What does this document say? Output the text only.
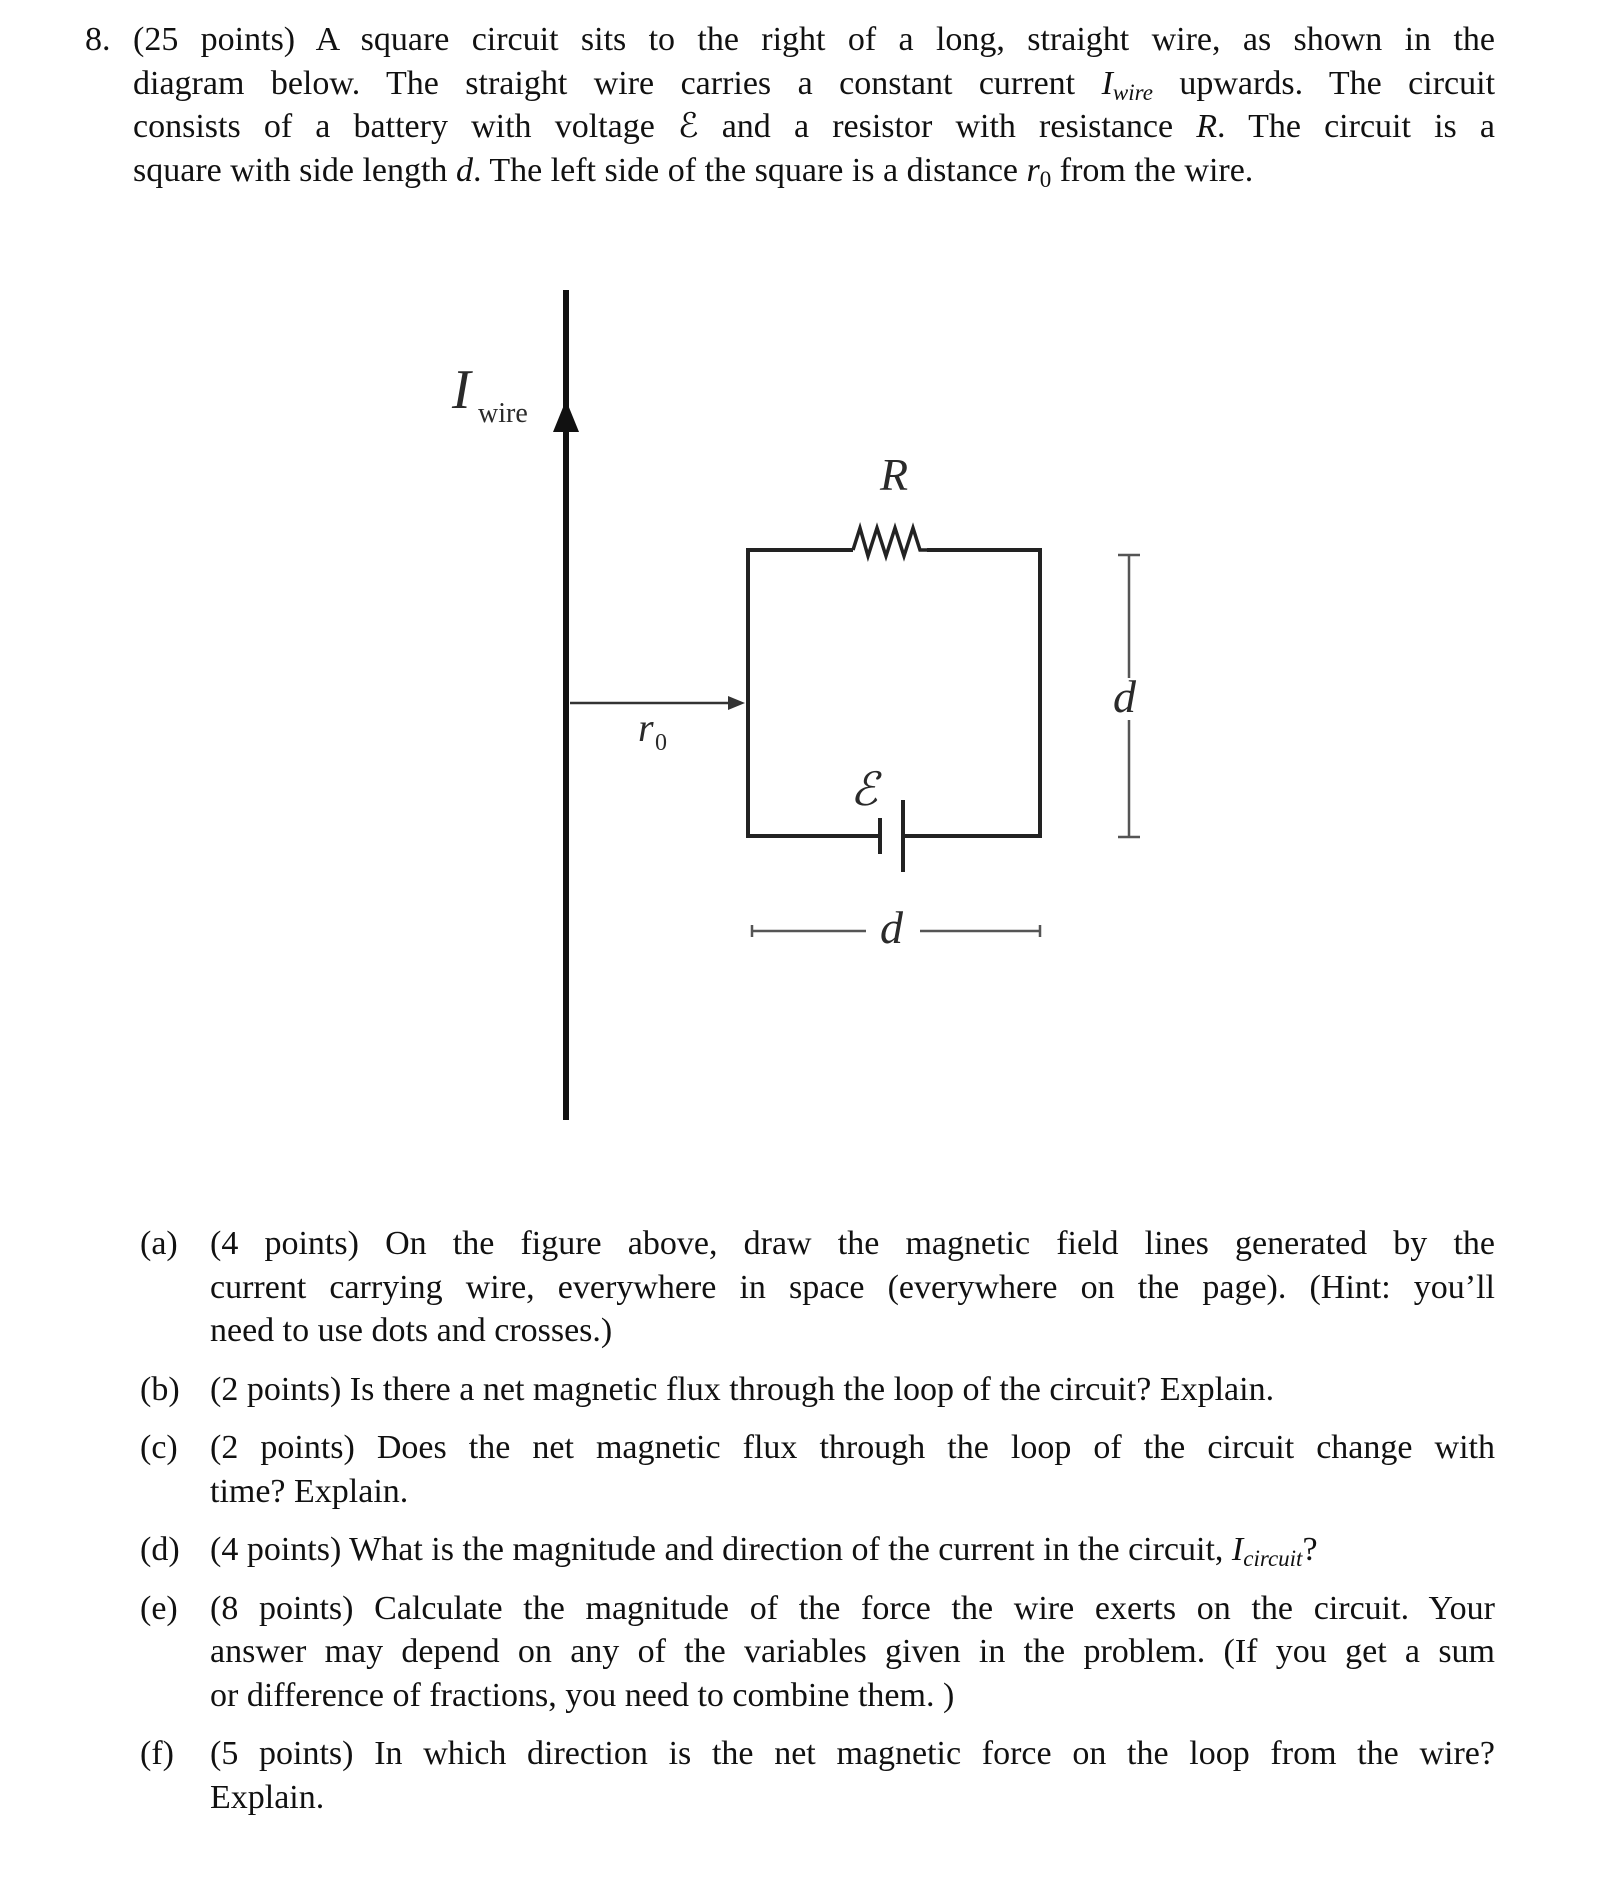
8. (25 points) A square circuit sits to the right of a long, straight wire, as shown in the
diagram below. The straight wire carries a constant current $I_{wire}$ upwards. The circuit
consists of a battery with voltage ℰ and a resistor with resistance R. The circuit is a
square with side length d. The left side of the square is a distance $r_0$ from the wire.
I wire
R
ℰ
r 0
d
d
(a) (4 points) On the figure above, draw the magnetic field lines generated by the
current carrying wire, everywhere in space (everywhere on the page). (Hint: you’ll
need to use dots and crosses.)
(b) (2 points) Is there a net magnetic flux through the loop of the circuit? Explain.
(c) (2 points) Does the net magnetic flux through the loop of the circuit change with
time? Explain.
(d) (4 points) What is the magnitude and direction of the current in the circuit, $I_{circuit}$?
(e) (8 points) Calculate the magnitude of the force the wire exerts on the circuit. Your
answer may depend on any of the variables given in the problem. (If you get a sum
or difference of fractions, you need to combine them. )
(f)	(5 points) In which direction is the net magnetic force on the loop from the wire?
Explain.
